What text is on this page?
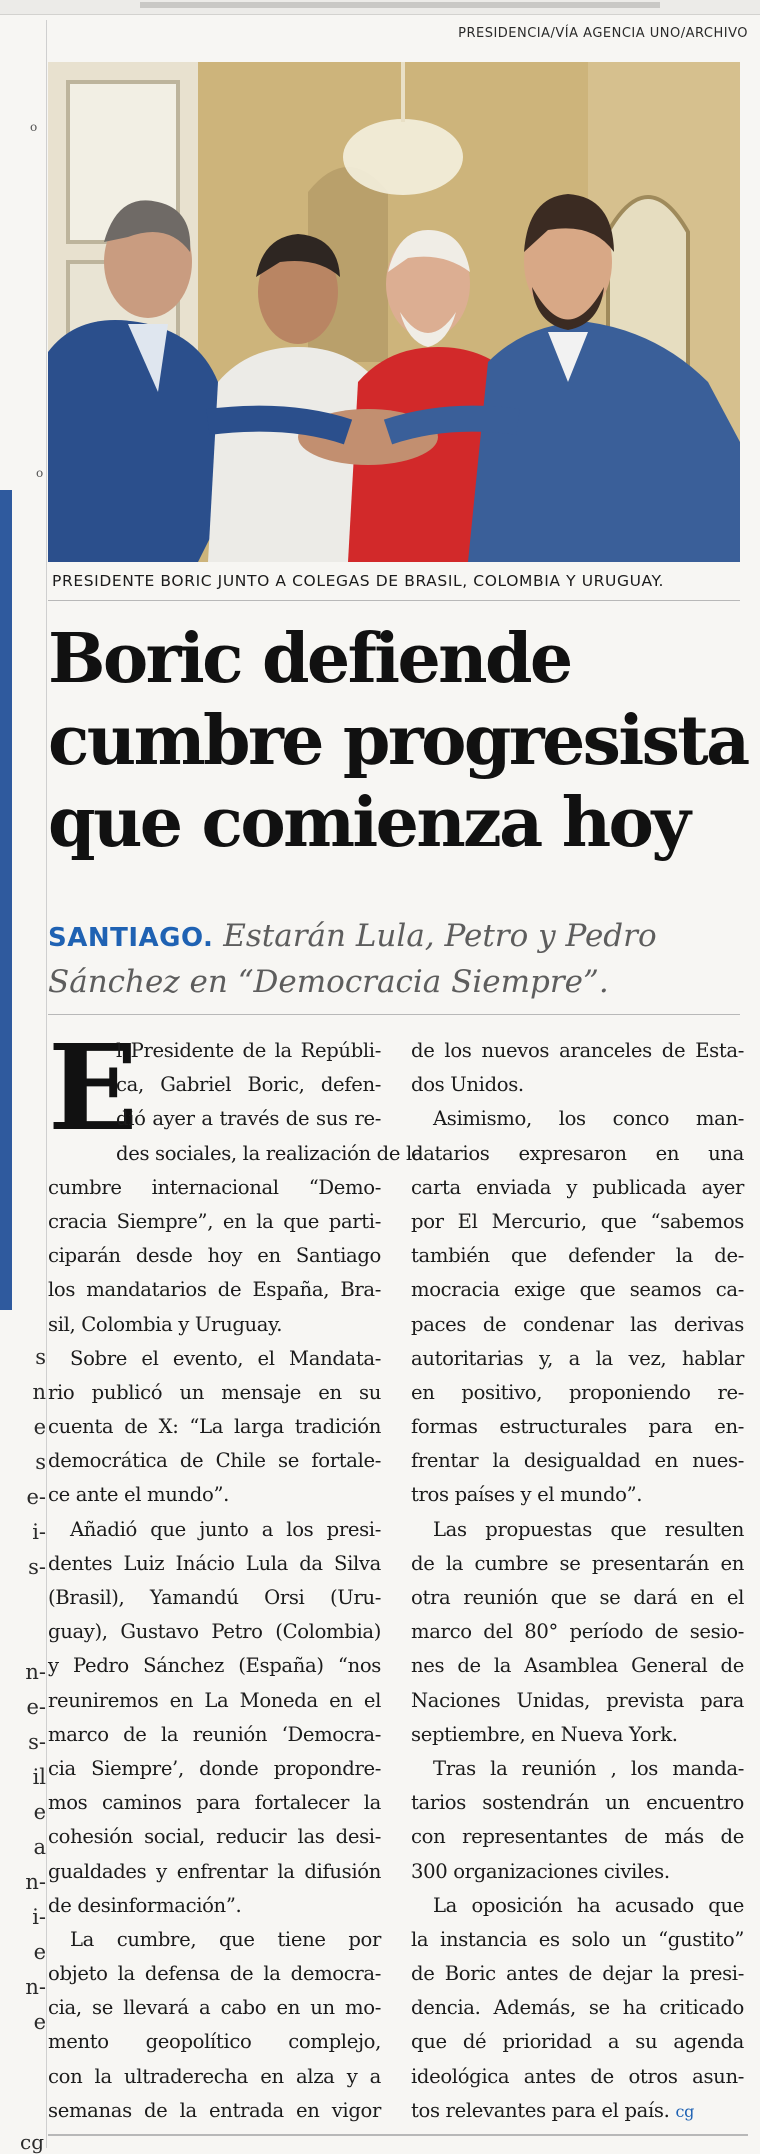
o
o
s
n
e
s
e-
i-
s-
n-
e-
s-
il
e
a
n-
i-
e
n-
e
cg
PRESIDENCIA/VÍA AGENCIA UNO/ARCHIVO
PRESIDENTE BORIC JUNTO A COLEGAS DE BRASIL, COLOMBIA Y URUGUAY.
Boric defiende
cumbre progresista
que comienza hoy
SANTIAGO. Estarán Lula, Petro y Pedro
Sánchez en “Democracia Siempre”.
E
l Presidente de la Repúbli-
ca, Gabriel Boric, defen-
dió ayer a través de sus re-
des sociales, la realización de la
cumbre internacional “Demo-
cracia Siempre”, en la que parti-
ciparán desde hoy en Santiago
los mandatarios de España, Bra-
sil, Colombia y Uruguay.
Sobre el evento, el Mandata-
rio publicó un mensaje en su
cuenta de X: “La larga tradición
democrática de Chile se fortale-
ce ante el mundo”.
Añadió que junto a los presi-
dentes Luiz Inácio Lula da Silva
(Brasil), Yamandú Orsi (Uru-
guay), Gustavo Petro (Colombia)
y Pedro Sánchez (España) “nos
reuniremos en La Moneda en el
marco de la reunión ‘Democra-
cia Siempre’, donde propondre-
mos caminos para fortalecer la
cohesión social, reducir las desi-
gualdades y enfrentar la difusión
de desinformación”.
La cumbre, que tiene por
objeto la defensa de la democra-
cia, se llevará a cabo en un mo-
mento geopolítico complejo,
con la ultraderecha en alza y a
semanas de la entrada en vigor
de los nuevos aranceles de Esta-
dos Unidos.
Asimismo, los conco man-
datarios expresaron en una
carta enviada y publicada ayer
por El Mercurio, que “sabemos
también que defender la de-
mocracia exige que seamos ca-
paces de condenar las derivas
autoritarias y, a la vez, hablar
en positivo, proponiendo re-
formas estructurales para en-
frentar la desigualdad en nues-
tros países y el mundo”.
Las propuestas que resulten
de la cumbre se presentarán en
otra reunión que se dará en el
marco del 80° período de sesio-
nes de la Asamblea General de
Naciones Unidas, prevista para
septiembre, en Nueva York.
Tras la reunión , los manda-
tarios sostendrán un encuentro
con representantes de más de
300 organizaciones civiles.
La oposición ha acusado que
la instancia es solo un “gustito”
de Boric antes de dejar la presi-
dencia. Además, se ha criticado
que dé prioridad a su agenda
ideológica antes de otros asun-
tos relevantes para el país. cg
